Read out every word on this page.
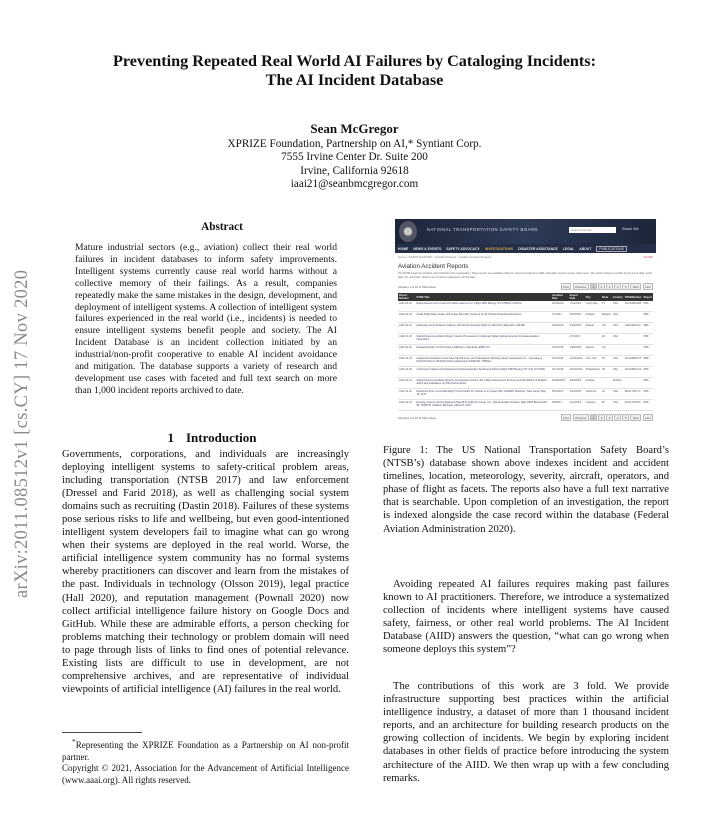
Preventing Repeated Real World AI Failures by Cataloging Incidents:
The AI Incident Database
Sean McGregor
XPRIZE Foundation, Partnership on AI,* Syntiant Corp.
7555 Irvine Center Dr. Suite 200
Irvine, California 92618
iaai21@seanbmcgregor.com
arXiv:2011.08512v1 [cs.CY] 17 Nov 2020
Abstract
Mature industrial sectors (e.g., aviation) collect their real world failures in incident databases to inform safety improvements. Intelligent systems currently cause real world harms without a collective memory of their failings. As a result, companies repeatedly make the same mistakes in the design, development, and deployment of intelligent systems. A collection of intelligent system failures experienced in the real world (i.e., incidents) is needed to ensure intelligent systems benefit people and society. The AI Incident Database is an incident collection initiated by an industrial/non-profit cooperative to enable AI incident avoidance and mitigation. The database supports a variety of research and development use cases with faceted and full text search on more than 1,000 incident reports archived to date.
1 Introduction
Governments, corporations, and individuals are increasingly deploying intelligent systems to safety-critical problem areas, including transportation (NTSB 2017) and law enforcement (Dressel and Farid 2018), as well as challenging social system domains such as recruiting (Dastin 2018). Failures of these systems pose serious risks to life and wellbeing, but even good-intentioned intelligent system developers fail to imagine what can go wrong when their systems are deployed in the real world. Worse, the artificial intelligence system community has no formal systems whereby practitioners can discover and learn from the mistakes of the past. Individuals in technology (Olsson 2019), legal practice (Hall 2020), and reputation management (Pownall 2020) now collect artificial intelligence failure history on Google Docs and GitHub. While these are admirable efforts, a person checking for problems matching their technology or problem domain will need to page through lists of links to find ones of potential relevance. Existing lists are difficult to use in development, are not comprehensive archives, and are representative of individual viewpoints of artificial intelligence (AI) failures in the real world.
*Representing the XPRIZE Foundation as a Partnership on AI non-profit partner.
Copyright © 2021, Association for the Advancement of Artificial Intelligence (www.aaai.org). All rights reserved.
NATIONAL TRANSPORTATION SAFETY BOARD	Search this site...	Search Site
HOME NEWS & EVENTS SAFETY ADVOCACY INVESTIGATIONS DISASTER ASSISTANCE LEGAL ABOUT	PUBLICATIONS
Home > INVESTIGATIONS > Accident Reports > Aviation Accident Reports	SHARE
Aviation Accident Reports
The NTSB issues an accident report following the investigation. These reports are available online for reports issued since 1996, with older reports coming online soon. The reports listing is sortable by the event date, report date, city, and state. Click on any of those headings to sort the data.
Showing 1 to 10 of 518 entries	First	Previous	1	2	3	4	5	Next	Last
Report Number	NTSB Title	Accident Date	Report Date	City	State	Country	NTSBNumber	Report
AAR-20-02	Rapid Descent and Crash into Water Atlas Air Inc. Flight 3591 Boeing 767-375BCF, N1217A	2/23/2019	7/14/2020	Trinity Bay	TX	USA	DCA19MA086	PDF
AAR-20-04	Install Flight Data, Audio, and Image Recorder Systems on all Turbine-Powered Helicopters	7/1/2011	5/19/2020	Multiple	Multiple	USA		PDF
AAR-20-01	Helicopter Air Ambulance Collision with Terrain Survival Flight Inc. Bell 407 Helicopter, N191SF	1/29/2019	5/19/2020	Zaleski	OH	USA	CEN19FA072	PDF
AAR-20-02	Safety Recommendation Report: Revise Processes to Implement Safety Enhancements for Alaska Aviation Operations		4/7/2020		AK	USA		PDF
AAR-20-01	Repeated Flight Control System Difficulty on Embraer EMB-170	11/6/2018	1/28/2020	Atlanta	GA			PDF
AAR-19-04	Inadvertent Activation of the Fuel Shutoff Lever and Subsequent Ditching Liberty Helicopters Inc., Operating a FlyNYON Doors-Off Flight Airbus Helicopters AS350 B2, N350LH	3/11/2018	12/10/2019	New York	NY	USA	DCA18MA120	PDF
AAR-19-03	Left Engine Failure and Subsequent Depressurization Southwest Airlines Flight 1380 Boeing 737-7H4, N772SW	4/17/2018	11/19/2019	Philadelphia	PA	USA	DCA18MA142	PDF
AAR-19-01	Safety Recommendation Report: Assumptions Used in the Safety Assessment Process and the Effects of Multiple Alerts and Indications on Pilot Performance	10/29/2018	9/19/2019	Multiple		Multiple		PDF
AAR-19-02	Departure From Controlled Flight Trans-Pacific Air Charter LLC Learjet 35A, N452DA Teterboro, New Jersey May 15, 2017	5/15/2017	3/12/2019	Teterboro	NJ	USA	ERA17FA174	PDF
AAR-19-01	Runway Overrun During Rejected Takeoff Amerijet Air Cargo, Inc., dba Ameristar Charters, flight 9363 Boeing MD-83, N786TW Ypsilanti, Michigan, March 8, 2017	3/8/2017	2/14/2019	Ypsilanti	MI	USA	DCA17FA076	PDF
Showing 1 to 10 of 518 entries	First	Previous	1	2	3	4	5	Next	Last
Figure 1: The US National Transportation Safety Board’s (NTSB’s) database shown above indexes incident and accident timelines, location, meteorology, severity, aircraft, operators, and phase of flight as facets. The reports also have a full text narrative that is searchable. Upon completion of an investigation, the report is indexed alongside the case record within the database (Federal Aviation Administration 2020).

Avoiding repeated AI failures requires making past failures known to AI practitioners. Therefore, we introduce a systematized collection of incidents where intelligent systems have caused safety, fairness, or other real world problems. The AI Incident Database (AIID) answers the question, “what can go wrong when someone deploys this system”?

The contributions of this work are 3 fold. We provide infrastructure supporting best practices within the artificial intelligence industry, a dataset of more than 1 thousand incident reports, and an architecture for building research products on the growing collection of incidents. We begin by exploring incident databases in other fields of practice before introducing the system architecture of the AIID. We then wrap up with a few concluding remarks.
